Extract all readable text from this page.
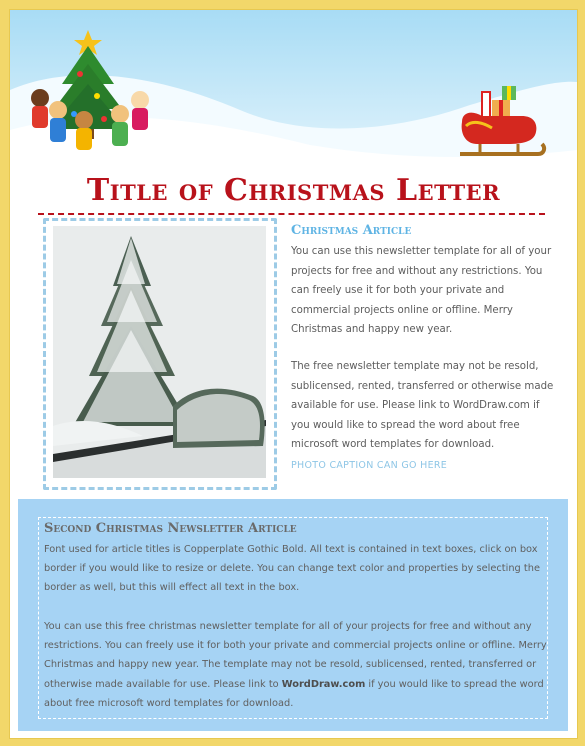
Title of Christmas Letter
PHOTO CAPTION CAN GO HERE
Christmas Article

You can use this newsletter template for all of your projects for free and without any restrictions. You can freely use it for both your private and commercial projects online or offline. Merry Christmas and happy new year.

The free newsletter template may not be resold, sublicensed, rented, transferred or otherwise made available for use. Please link to WordDraw.com if you would like to spread the word about free microsoft word templates for download.

Second Christmas Newsletter Article

Font used for article titles is Copperplate Gothic Bold. All text is contained in text boxes, click on box border if you would like to resize or delete. You can change text color and properties by selecting the border as well, but this will effect all text in the box.

You can use this free christmas newsletter template for all of your projects for free and without any restrictions. You can freely use it for both your private and commercial projects online or offline. Merry Christmas and happy new year. The template may not be resold, sublicensed, rented, transferred or otherwise made available for use. Please link to WordDraw.com if you would like to spread the word about free microsoft word templates for download.
